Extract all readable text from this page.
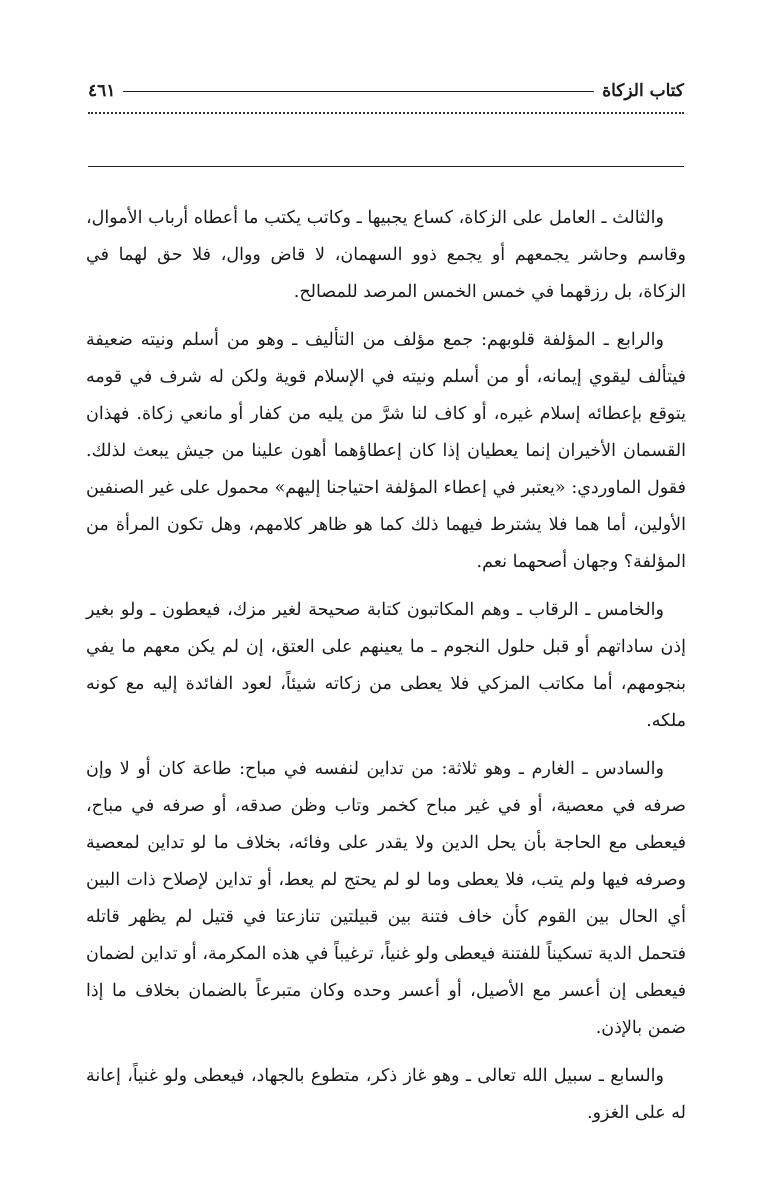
كتاب الزكاة
٤٦١

والثالث ـ العامل على الزكاة، كساع يجبيها ـ وكاتب يكتب ما أعطاه أرباب الأموال، وقاسم وحاشر يجمعهم أو يجمع ذوو السهمان، لا قاض ووال، فلا حق لهما في الزكاة، بل رزقهما في خمس الخمس المرصد للمصالح.

والرابع ـ المؤلفة قلوبهم: جمع مؤلف من التأليف ـ وهو من أسلم ونيته ضعيفة فيتألف ليقوي إيمانه، أو من أسلم ونيته في الإسلام قوية ولكن له شرف في قومه يتوقع بإعطائه إسلام غيره، أو كاف لنا شرَّ من يليه من كفار أو مانعي زكاة. فهذان القسمان الأخيران إنما يعطيان إذا كان إعطاؤهما أهون علينا من جيش يبعث لذلك. فقول الماوردي: «يعتبر في إعطاء المؤلفة احتياجنا إليهم» محمول على غير الصنفين الأولين، أما هما فلا يشترط فيهما ذلك كما هو ظاهر كلامهم، وهل تكون المرأة من المؤلفة؟ وجهان أصحهما نعم.

والخامس ـ الرقاب ـ وهم المكاتبون كتابة صحيحة لغير مزك، فيعطون ـ ولو بغير إذن ساداتهم أو قبل حلول النجوم ـ ما يعينهم على العتق، إن لم يكن معهم ما يفي بنجومهم، أما مكاتب المزكي فلا يعطى من زكاته شيئاً، لعود الفائدة إليه مع كونه ملكه.

والسادس ـ الغارم ـ وهو ثلاثة: من تداين لنفسه في مباح: طاعة كان أو لا وإن صرفه في معصية، أو في غير مباح كخمر وتاب وظن صدقه، أو صرفه في مباح، فيعطى مع الحاجة بأن يحل الدين ولا يقدر على وفائه، بخلاف ما لو تداين لمعصية وصرفه فيها ولم يتب، فلا يعطى وما لو لم يحتج لم يعط، أو تداين لإصلاح ذات البين أي الحال بين القوم كأن خاف فتنة بين قبيلتين تنازعتا في قتيل لم يظهر قاتله فتحمل الدية تسكيناً للفتنة فيعطى ولو غنياً، ترغيباً في هذه المكرمة، أو تداين لضمان فيعطى إن أعسر مع الأصيل، أو أعسر وحده وكان متبرعاً بالضمان بخلاف ما إذا ضمن بالإذن.

والسابع ـ سبيل الله تعالى ـ وهو غاز ذكر، متطوع بالجهاد، فيعطى ولو غنياً، إعانة له على الغزو.
